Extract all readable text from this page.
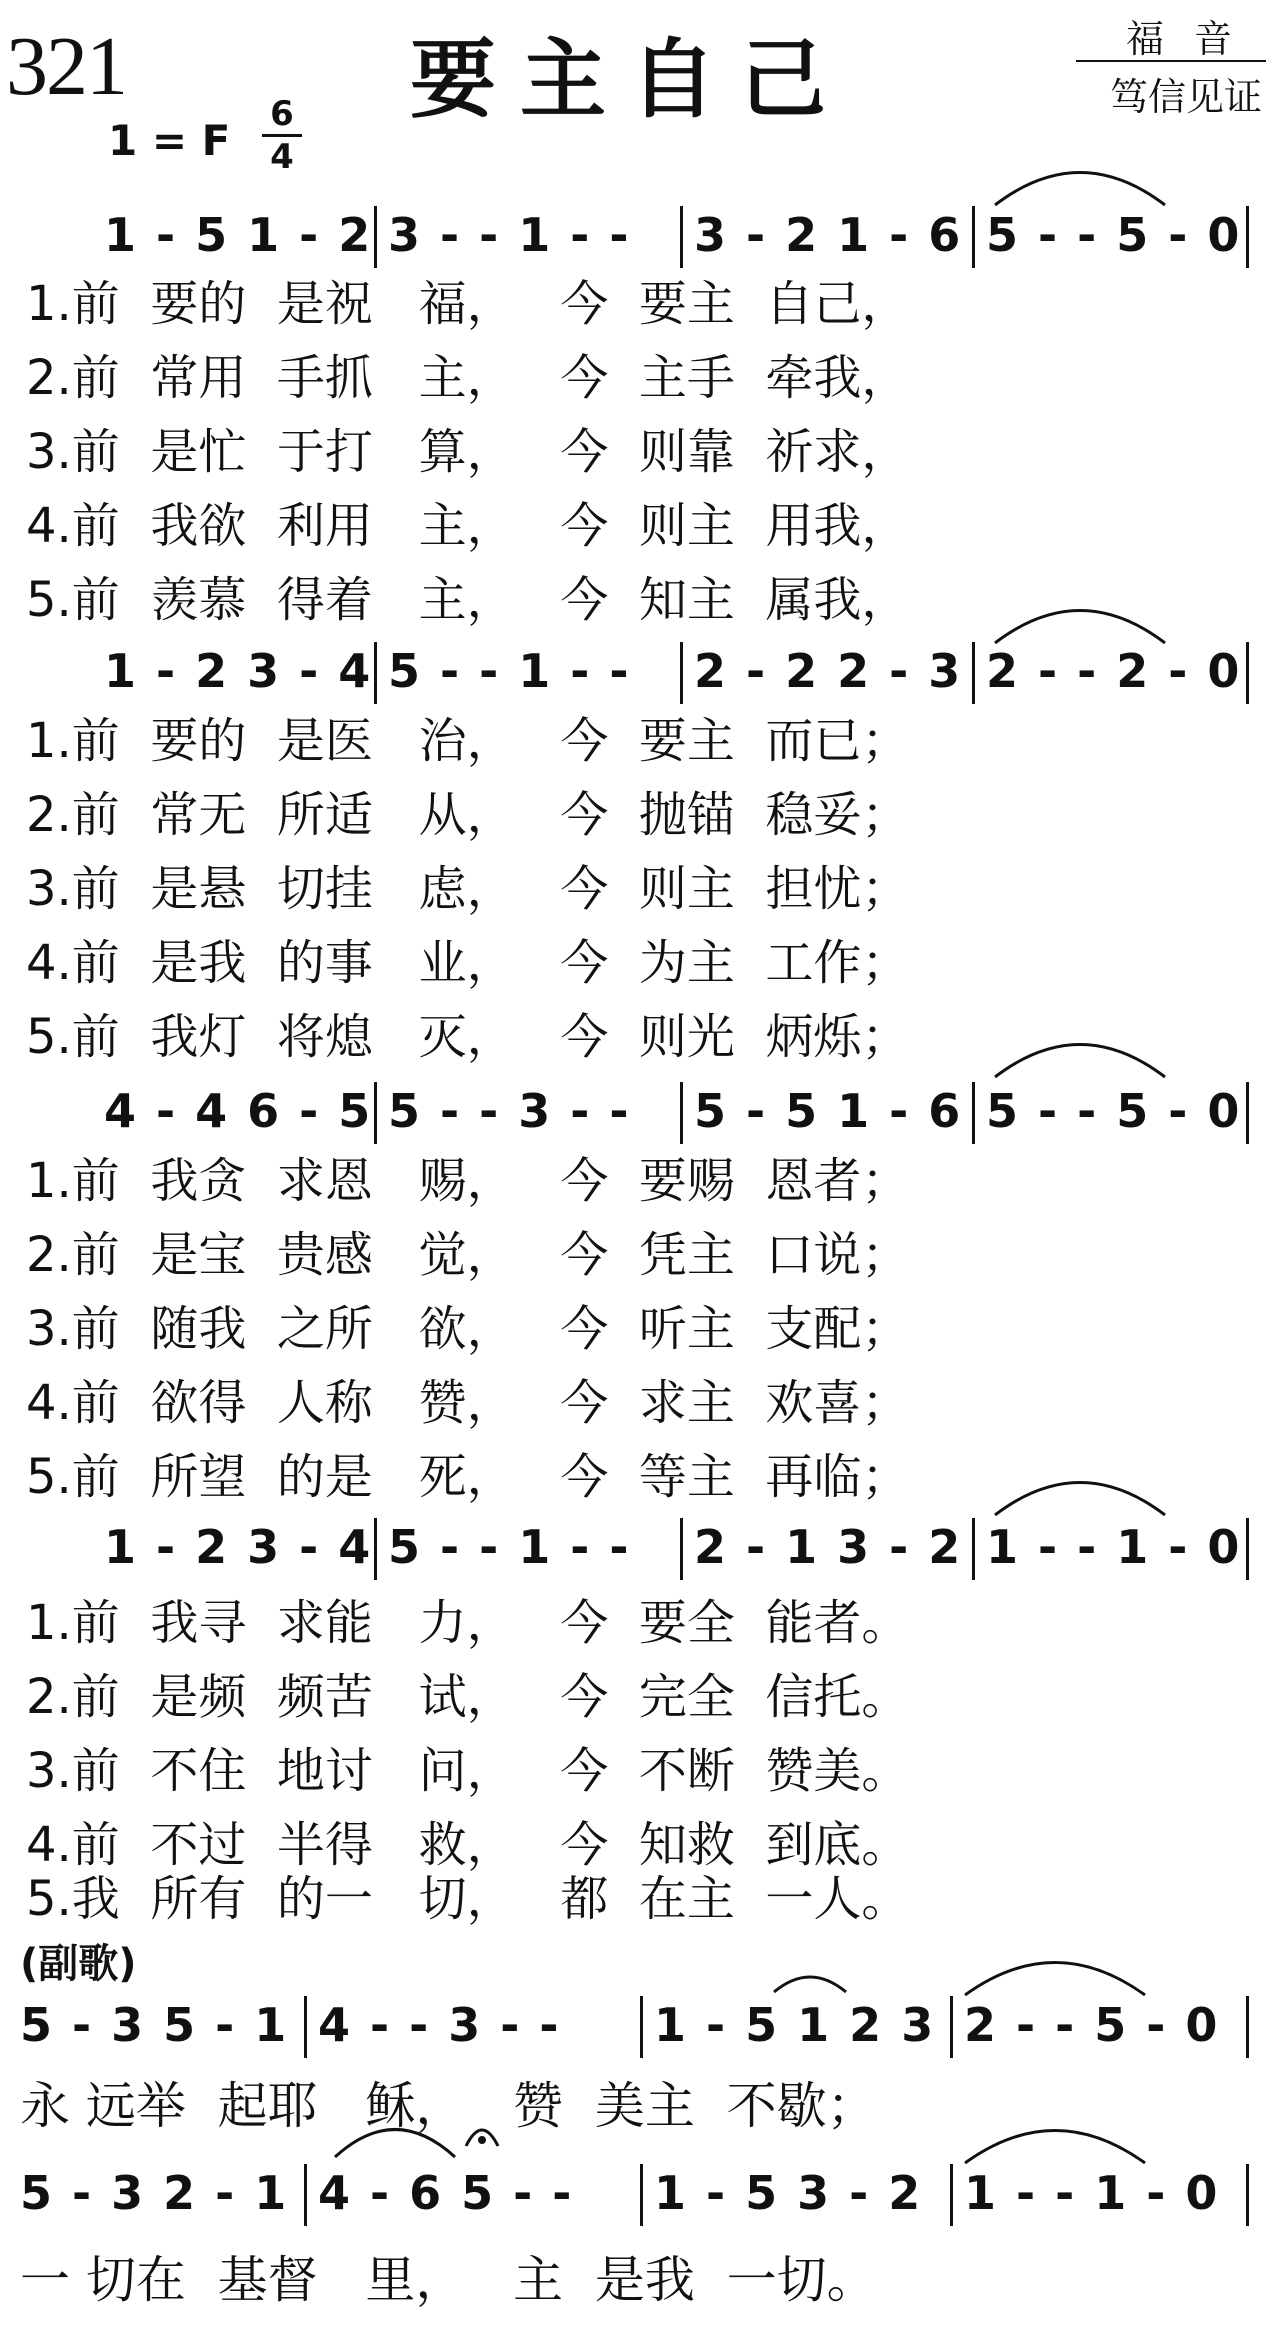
321	要主自己	福音
笃信见证
1 = F
6
4
1 - 5 1 - 2 3 - - 1 - - 3 - 2 1 - 6 5 - - 5 - 0
1.前  要的  是祝   福，   今  要主  自己，
2.前  常用  手抓   主，   今  主手  牵我，
3.前  是忙  于打   算，   今  则靠  祈求，
4.前  我欲  利用   主，   今  则主  用我，
5.前  羡慕  得着   主，   今  知主  属我，
1 - 2 3 - 4 5 - - 1 - - 2 - 2 2 - 3 2 - - 2 - 0
1.前  要的  是医   治，   今  要主  而已；
2.前  常无  所适   从，   今  抛锚  稳妥；
3.前  是悬  切挂   虑，   今  则主  担忧；
4.前  是我  的事   业，   今  为主  工作；
5.前  我灯  将熄   灭，   今  则光  炳烁；
4 - 4 6 - 5 5 - - 3 - - 5 - 5 1 - 6 5 - - 5 - 0
1.前  我贪  求恩   赐，   今  要赐  恩者；
2.前  是宝  贵感   觉，   今  凭主  口说；
3.前  随我  之所   欲，   今  听主  支配；
4.前  欲得  人称   赞，   今  求主  欢喜；
5.前  所望  的是   死，   今  等主  再临；
1 - 2 3 - 4 5 - - 1 - - 2 - 1 3 - 2 1 - - 1 - 0
1.前  我寻  求能   力，   今  要全  能者。
2.前  是频  频苦   试，   今  完全  信托。
3.前  不住  地讨   问，   今  不断  赞美。
4.前  不过  半得   救，   今  知救  到底。
5.我  所有  的一   切，   都  在主  一人。
(副歌)
5 - 3 5 - 1 4 - - 3 - - 1 - 5 1 2 3 2 - - 5 - 0
永 远举  起耶   稣，   赞  美主  不歇；
5 - 3 2 - 1 4 - 6 5 - - 1 - 5 3 - 2 1 - - 1 - 0
一 切在  基督   里，   主  是我  一切。
